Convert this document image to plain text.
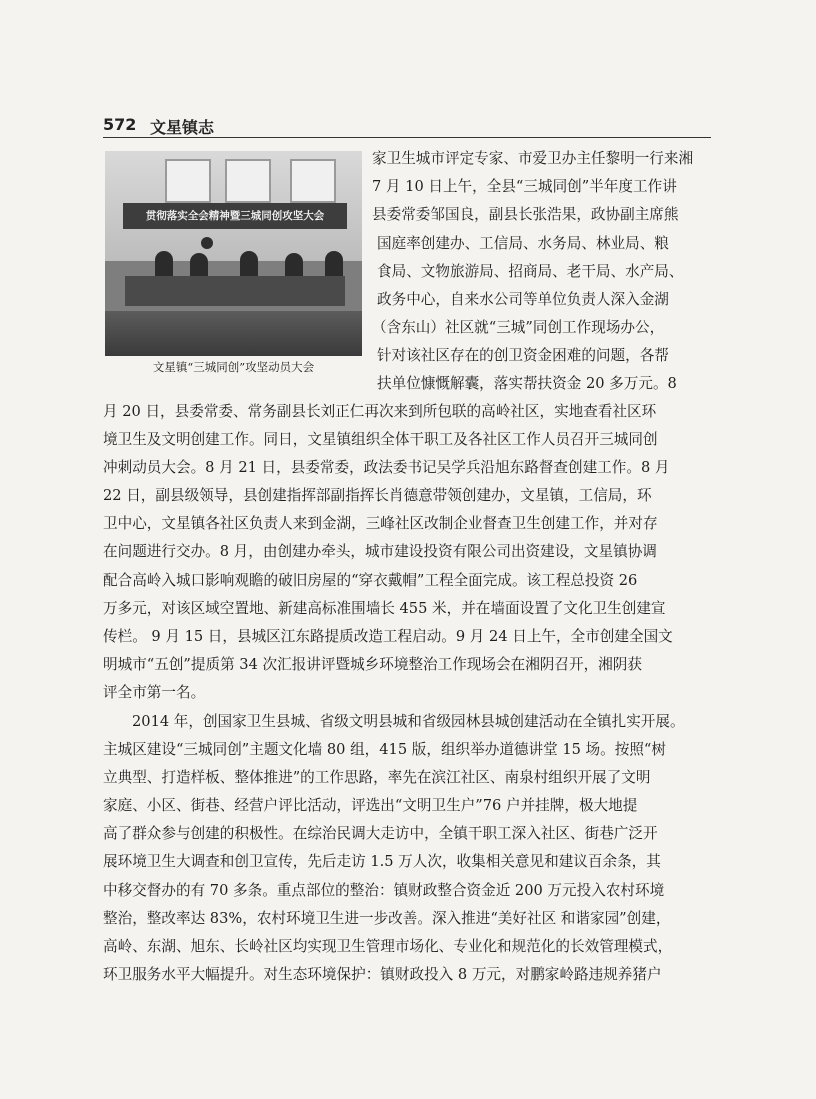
572 文星镇志
贯彻落实全会精神暨三城同创攻坚大会
文星镇“三城同创”攻坚动员大会
家卫生城市评定专家、市爱卫办主任黎明一行来湘
7 月 10 日上午，全县“三城同创”半年度工作讲
县委常委邹国良，副县长张浩果，政协副主席熊
国庭率创建办、工信局、水务局、林业局、粮
食局、文物旅游局、招商局、老干局、水产局、
政务中心，自来水公司等单位负责人深入金湖
（含东山）社区就“三城”同创工作现场办公，
针对该社区存在的创卫资金困难的问题，各帮
扶单位慷慨解囊，落实帮扶资金 20 多万元。8
月 20 日，县委常委、常务副县长刘正仁再次来到所包联的高岭社区，实地查看社区环
境卫生及文明创建工作。同日，文星镇组织全体干职工及各社区工作人员召开三城同创
冲刺动员大会。8 月 21 日，县委常委，政法委书记吴学兵沿旭东路督查创建工作。8 月
22 日，副县级领导，县创建指挥部副指挥长肖德意带领创建办，文星镇，工信局，环
卫中心，文星镇各社区负责人来到金湖，三峰社区改制企业督查卫生创建工作，并对存
在问题进行交办。8 月，由创建办牵头，城市建设投资有限公司出资建设，文星镇协调
配合高岭入城口影响观瞻的破旧房屋的“穿衣戴帽”工程全面完成。该工程总投资 26
万多元，对该区域空置地、新建高标准围墙长 455 米，并在墙面设置了文化卫生创建宣
传栏。 9 月 15 日，县城区江东路提质改造工程启动。9 月 24 日上午，全市创建全国文
明城市“五创”提质第 34 次汇报讲评暨城乡环境整治工作现场会在湘阴召开，湘阴获
评全市第一名。
2014 年，创国家卫生县城、省级文明县城和省级园林县城创建活动在全镇扎实开展。
主城区建设“三城同创”主题文化墙 80 组，415 版，组织举办道德讲堂 15 场。按照“树
立典型、打造样板、整体推进”的工作思路，率先在滨江社区、南泉村组织开展了文明
家庭、小区、街巷、经营户评比活动，评选出“文明卫生户”76 户并挂牌，极大地提
高了群众参与创建的积极性。在综治民调大走访中，全镇干职工深入社区、街巷广泛开
展环境卫生大调查和创卫宣传，先后走访 1.5 万人次，收集相关意见和建议百余条，其
中移交督办的有 70 多条。重点部位的整治：镇财政整合资金近 200 万元投入农村环境
整治，整改率达 83%，农村环境卫生进一步改善。深入推进“美好社区 和谐家园”创建，
高岭、东湖、旭东、长岭社区均实现卫生管理市场化、专业化和规范化的长效管理模式，
环卫服务水平大幅提升。对生态环境保护：镇财政投入 8 万元，对鹏家岭路违规养猪户
